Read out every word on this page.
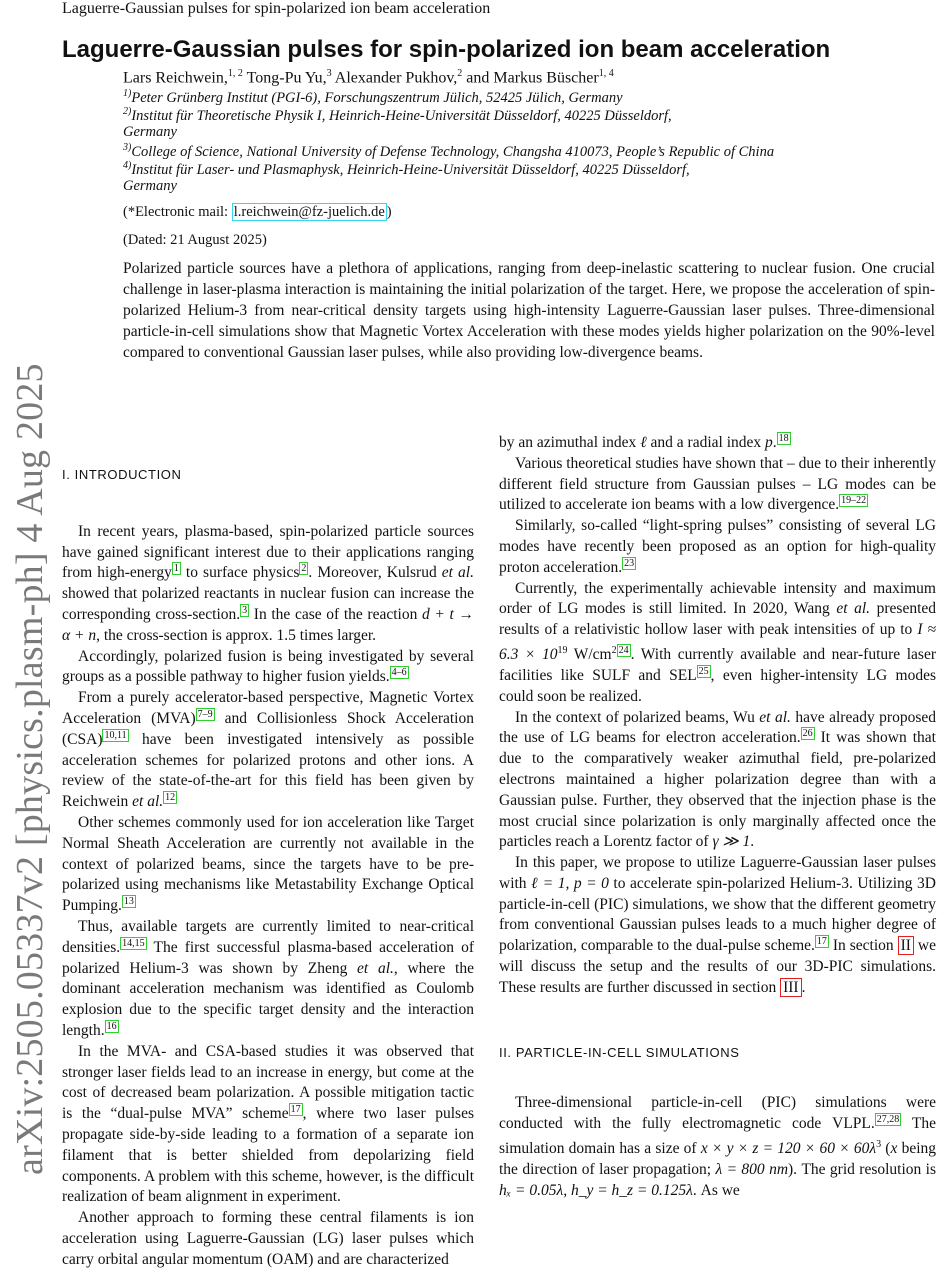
Laguerre-Gaussian pulses for spin-polarized ion beam acceleration
arXiv:2505.05337v2 [physics.plasm-ph] 4 Aug 2025
Laguerre-Gaussian pulses for spin-polarized ion beam acceleration
Lars Reichwein,$^{1, 2}$ Tong-Pu Yu,$^3$ Alexander Pukhov,$^2$ and Markus Büscher$^{1, 4}$
$^{1)}$Peter Grünberg Institut (PGI-6), Forschungszentrum Jülich, 52425 Jülich, Germany
$^{2)}$Institut für Theoretische Physik I, Heinrich-Heine-Universität Düsseldorf, 40225 Düsseldorf,
Germany
$^{3)}$College of Science, National University of Defense Technology, Changsha 410073, People’s Republic of China
$^{4)}$Institut für Laser- und Plasmaphysk, Heinrich-Heine-Universität Düsseldorf, 40225 Düsseldorf,
Germany
(*Electronic mail: l.reichwein@fz-juelich.de )
(Dated: 21 August 2025)
Polarized particle sources have a plethora of applications, ranging from deep-inelastic scattering to nuclear fusion. One crucial challenge in laser-plasma interaction is maintaining the initial polarization of the target. Here, we propose the acceleration of spin-polarized Helium-3 from near-critical density targets using high-intensity Laguerre-Gaussian laser pulses. Three-dimensional particle-in-cell simulations show that Magnetic Vortex Acceleration with these modes yields higher polarization on the 90%-level compared to conventional Gaussian laser pulses, while also providing low-divergence beams.

I. INTRODUCTION

In recent years, plasma-based, spin-polarized particle sources have gained significant interest due to their applications ranging from high-energy $^1$ to surface physics $^2$ . Moreover, Kulsrud et al. showed that polarized reactants in nuclear fusion can increase the corresponding cross-section. $^3$ In the case of the reaction d + t → α + n, the cross-section is approx. 1.5 times larger.

Accordingly, polarized fusion is being investigated by several groups as a possible pathway to higher fusion yields. $^{4-6}$

From a purely accelerator-based perspective, Magnetic Vortex Acceleration (MVA) $^{7-9}$ and Collisionless Shock Acceleration (CSA) $^{10,11}$ have been investigated intensively as possible acceleration schemes for polarized protons and other ions. A review of the state-of-the-art for this field has been given by Reichwein et al. $^{12}$

Other schemes commonly used for ion acceleration like Target Normal Sheath Acceleration are currently not available in the context of polarized beams, since the targets have to be pre-polarized using mechanisms like Metastability Exchange Optical Pumping. $^{13}$

Thus, available targets are currently limited to near-critical densities. $^{14,15}$ The first successful plasma-based acceleration of polarized Helium-3 was shown by Zheng et al., where the dominant acceleration mechanism was identified as Coulomb explosion due to the specific target density and the interaction length. $^{16}$

In the MVA- and CSA-based studies it was observed that stronger laser fields lead to an increase in energy, but come at the cost of decreased beam polarization. A possible mitigation tactic is the “dual-pulse MVA” scheme $^{17}$ , where two laser pulses propagate side-by-side leading to a formation of a separate ion filament that is better shielded from depolarizing field components. A problem with this scheme, however, is the difficult realization of beam alignment in experiment.

Another approach to forming these central filaments is ion acceleration using Laguerre-Gaussian (LG) laser pulses which carry orbital angular momentum (OAM) and are characterized

by an azimuthal index ℓ and a radial index p. $^{18}$

Various theoretical studies have shown that – due to their inherently different field structure from Gaussian pulses – LG modes can be utilized to accelerate ion beams with a low divergence. $^{19-22}$

Similarly, so-called “light-spring pulses” consisting of several LG modes have recently been proposed as an option for high-quality proton acceleration. $^{23}$

Currently, the experimentally achievable intensity and maximum order of LG modes is still limited. In 2020, Wang et al. presented results of a relativistic hollow laser with peak intensities of up to $I \approx 6.3 \times 10^{19}$ $W/cm^2$ $^{24}$ . With currently available and near-future laser facilities like SULF and SEL $^{25}$ , even higher-intensity LG modes could soon be realized.

In the context of polarized beams, Wu et al. have already proposed the use of LG beams for electron acceleration. $^{26}$ It was shown that due to the comparatively weaker azimuthal field, pre-polarized electrons maintained a higher polarization degree than with a Gaussian pulse. Further, they observed that the injection phase is the most crucial since polarization is only marginally affected once the particles reach a Lorentz factor of γ ≫ 1.

In this paper, we propose to utilize Laguerre-Gaussian laser pulses with ℓ = 1, p = 0 to accelerate spin-polarized Helium-3. Utilizing 3D particle-in-cell (PIC) simulations, we show that the different geometry from conventional Gaussian pulses leads to a much higher degree of polarization, comparable to the dual-pulse scheme. $^{17}$ In section II we will discuss the setup and the results of our 3D-PIC simulations. These results are further discussed in section III .

II. PARTICLE-IN-CELL SIMULATIONS

Three-dimensional particle-in-cell (PIC) simulations were conducted with the fully electromagnetic code VLPL. $^{27,28}$ The simulation domain has a size of $x \times y \times z = 120 \times 60 \times 60\lambda^3$ (x being the direction of laser propagation; λ = 800 nm). The grid resolution is hₓ = 0.05λ, h_y = h_z = 0.125λ. As we
